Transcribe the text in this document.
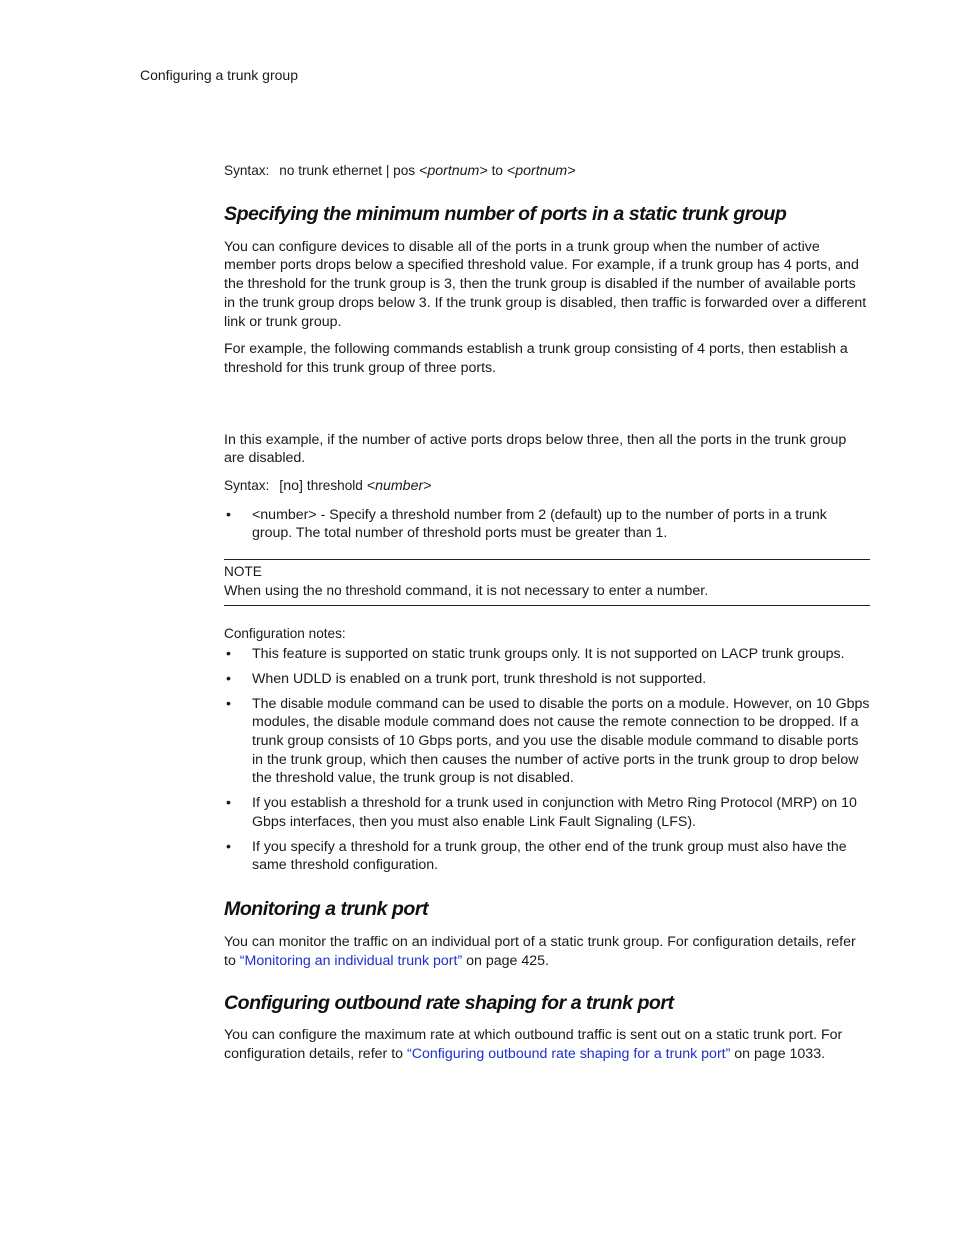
Configuring a trunk group

Syntax: no trunk ethernet | pos <portnum> to <portnum>

Specifying the minimum number of ports in a static trunk group

You can configure devices to disable all of the ports in a trunk group when the number of active member ports drops below a specified threshold value. For example, if a trunk group has 4 ports, and the threshold for the trunk group is 3, then the trunk group is disabled if the number of available ports in the trunk group drops below 3. If the trunk group is disabled, then traffic is forwarded over a different link or trunk group.

For example, the following commands establish a trunk group consisting of 4 ports, then establish a threshold for this trunk group of three ports.

In this example, if the number of active ports drops below three, then all the ports in the trunk group are disabled.

Syntax: [no] threshold <number>

• <number> - Specify a threshold number from 2 (default) up to the number of ports in a trunk group. The total number of threshold ports must be greater than 1.
NOTE
When using the no threshold command, it is not necessary to enter a number.
Configuration notes:
• This feature is supported on static trunk groups only. It is not supported on LACP trunk groups.
• When UDLD is enabled on a trunk port, trunk threshold is not supported.
• The disable module command can be used to disable the ports on a module. However, on 10 Gbps modules, the disable module command does not cause the remote connection to be dropped. If a trunk group consists of 10 Gbps ports, and you use the disable module command to disable ports in the trunk group, which then causes the number of active ports in the trunk group to drop below the threshold value, the trunk group is not disabled.
• If you establish a threshold for a trunk used in conjunction with Metro Ring Protocol (MRP) on 10 Gbps interfaces, then you must also enable Link Fault Signaling (LFS).
• If you specify a threshold for a trunk group, the other end of the trunk group must also have the same threshold configuration.
Monitoring a trunk port

You can monitor the traffic on an individual port of a static trunk group. For configuration details, refer to “Monitoring an individual trunk port” on page 425.

Configuring outbound rate shaping for a trunk port

You can configure the maximum rate at which outbound traffic is sent out on a static trunk port. For configuration details, refer to “Configuring outbound rate shaping for a trunk port” on page 1033.
